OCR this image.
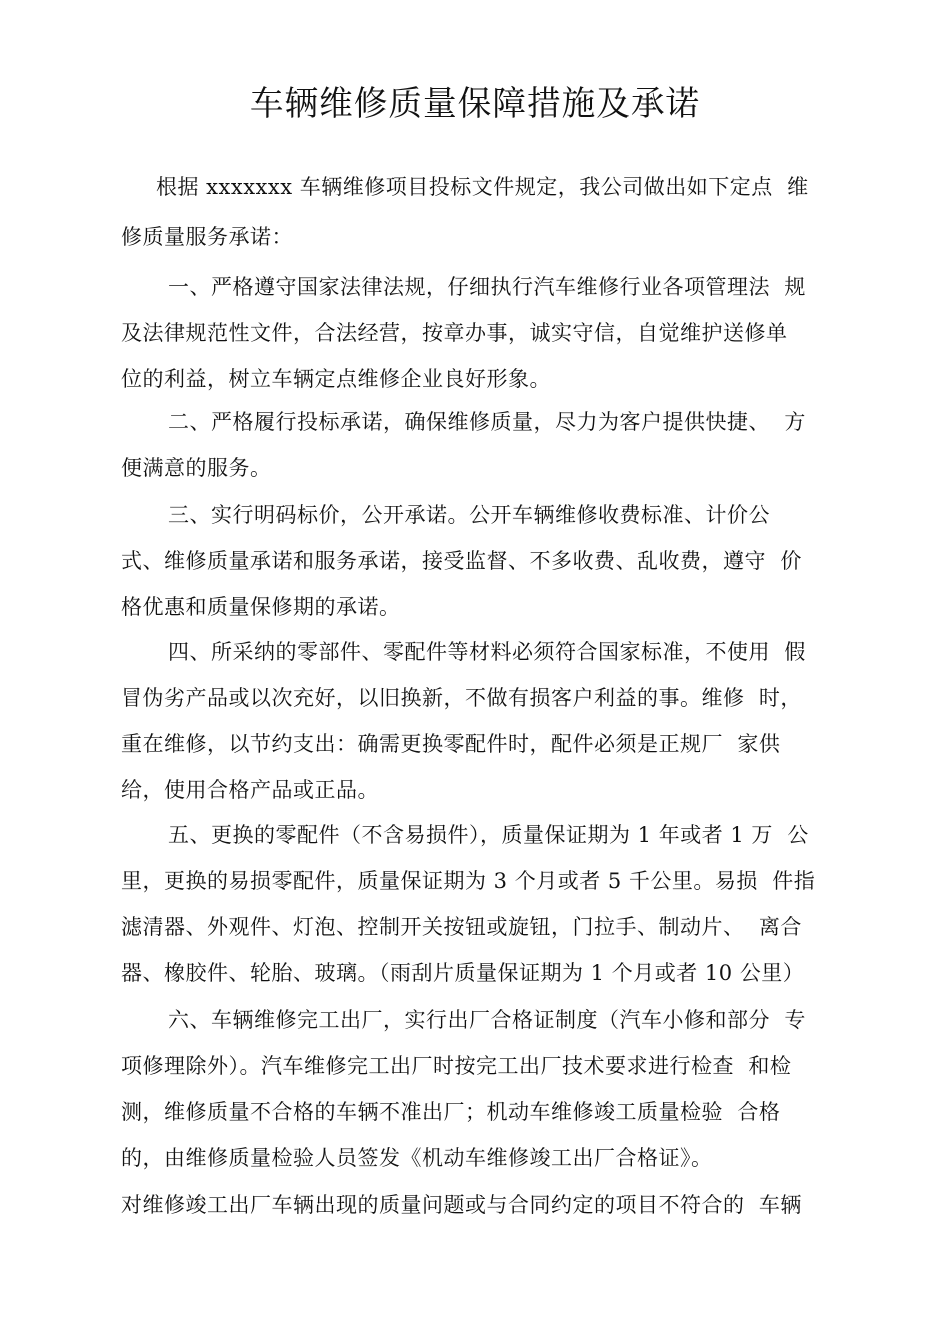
车辆维修质量保障措施及承诺
根据 xxxxxxx 车辆维修项目投标文件规定，我公司做出如下定点  维
修质量服务承诺：
一、严格遵守国家法律法规，仔细执行汽车维修行业各项管理法  规
及法律规范性文件，合法经营，按章办事，诚实守信，自觉维护送修单
位的利益，树立车辆定点维修企业良好形象。
二、严格履行投标承诺，确保维修质量，尽力为客户提供快捷、  方
便满意的服务。
三、实行明码标价，公开承诺。公开车辆维修收费标准、计价公
式、维修质量承诺和服务承诺，接受监督、不多收费、乱收费，遵守  价
格优惠和质量保修期的承诺。
四、所采纳的零部件、零配件等材料必须符合国家标准，不使用  假
冒伪劣产品或以次充好，以旧换新，不做有损客户利益的事。维修  时，
重在维修，以节约支出：确需更换零配件时，配件必须是正规厂  家供
给，使用合格产品或正品。
五、更换的零配件（不含易损件），质量保证期为 1 年或者 1 万  公
里，更换的易损零配件，质量保证期为 3 个月或者 5 千公里。易损  件指
滤清器、外观件、灯泡、控制开关按钮或旋钮，门拉手、制动片、  离合
器、橡胶件、轮胎、玻璃。（雨刮片质量保证期为 1 个月或者 10 公里）
六、车辆维修完工出厂，实行出厂合格证制度（汽车小修和部分  专
项修理除外）。汽车维修完工出厂时按完工出厂技术要求进行检查  和检
测，维修质量不合格的车辆不准出厂；机动车维修竣工质量检验  合格
的，由维修质量检验人员签发《机动车维修竣工出厂合格证》。
对维修竣工出厂车辆出现的质量问题或与合同约定的项目不符合的  车辆
